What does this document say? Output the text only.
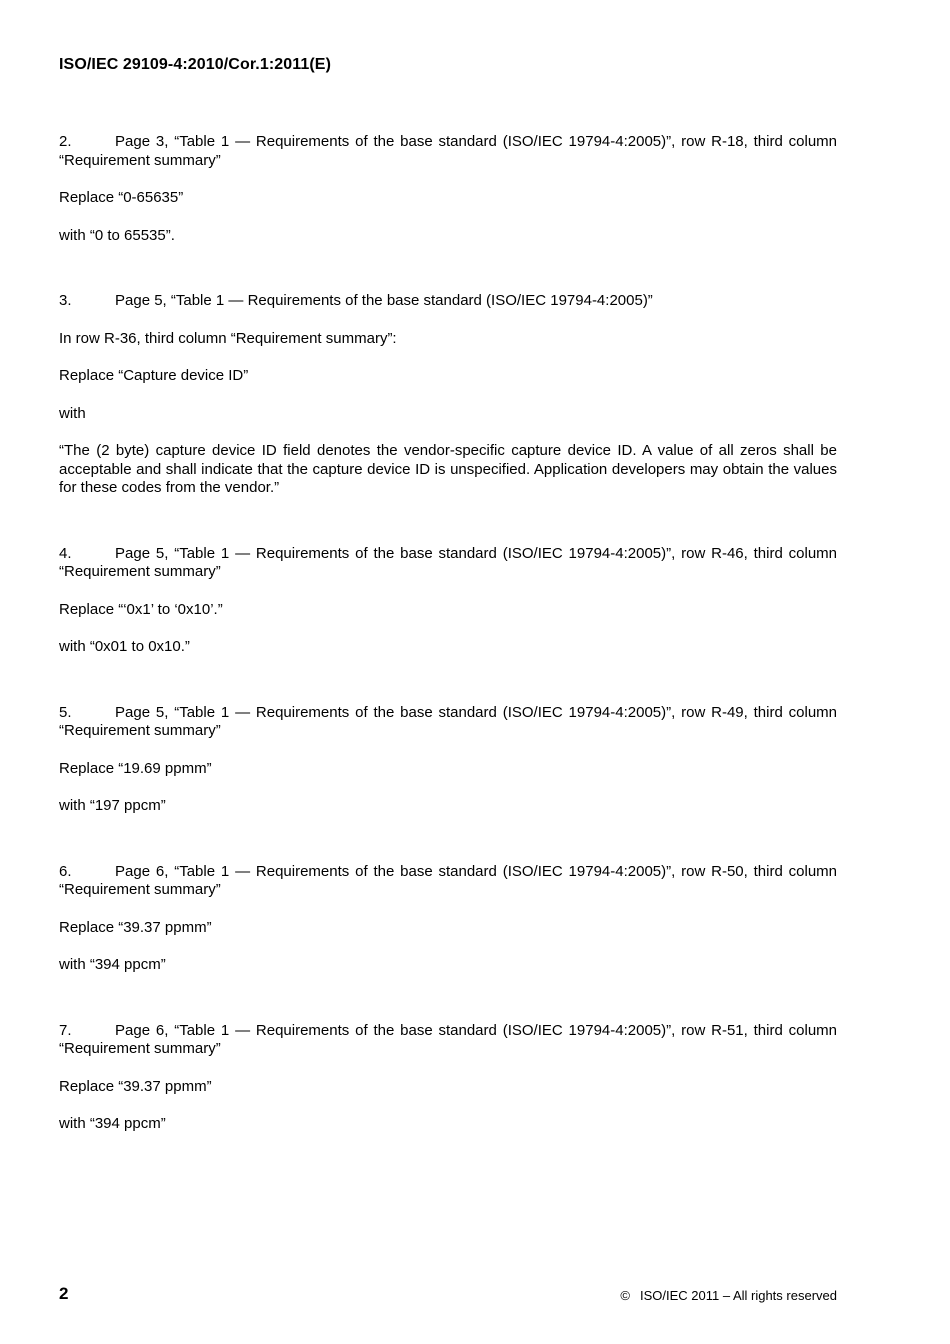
ISO/IEC 29109-4:2010/Cor.1:2011(E)

2.	Page 3, “Table 1 — Requirements of the base standard (ISO/IEC 19794-4:2005)”, row R-18, third column “Requirement summary”

Replace “0-65635”

with “0 to 65535”.

3.	Page 5, “Table 1 — Requirements of the base standard (ISO/IEC 19794-4:2005)”

In row R-36, third column “Requirement summary”:

Replace “Capture device ID”

with

“The (2 byte) capture device ID field denotes the vendor-specific capture device ID. A value of all zeros shall be acceptable and shall indicate that the capture device ID is unspecified. Application developers may obtain the values for these codes from the vendor.”

4.	Page 5, “Table 1 — Requirements of the base standard (ISO/IEC 19794-4:2005)”, row R-46, third column “Requirement summary”

Replace “‘0x1’ to ‘0x10’.”

with “0x01 to 0x10.”

5.	Page 5, “Table 1 — Requirements of the base standard (ISO/IEC 19794-4:2005)”, row R-49, third column “Requirement summary”

Replace “19.69 ppmm”

with “197 ppcm”

6.	Page 6, “Table 1 — Requirements of the base standard (ISO/IEC 19794-4:2005)”, row R-50, third column “Requirement summary”

Replace “39.37 ppmm”

with “394 ppcm”

7.	Page 6, “Table 1 — Requirements of the base standard (ISO/IEC 19794-4:2005)”, row R-51, third column “Requirement summary”

Replace “39.37 ppmm”

with “394 ppcm”

2	© ISO/IEC 2011 – All rights reserved
